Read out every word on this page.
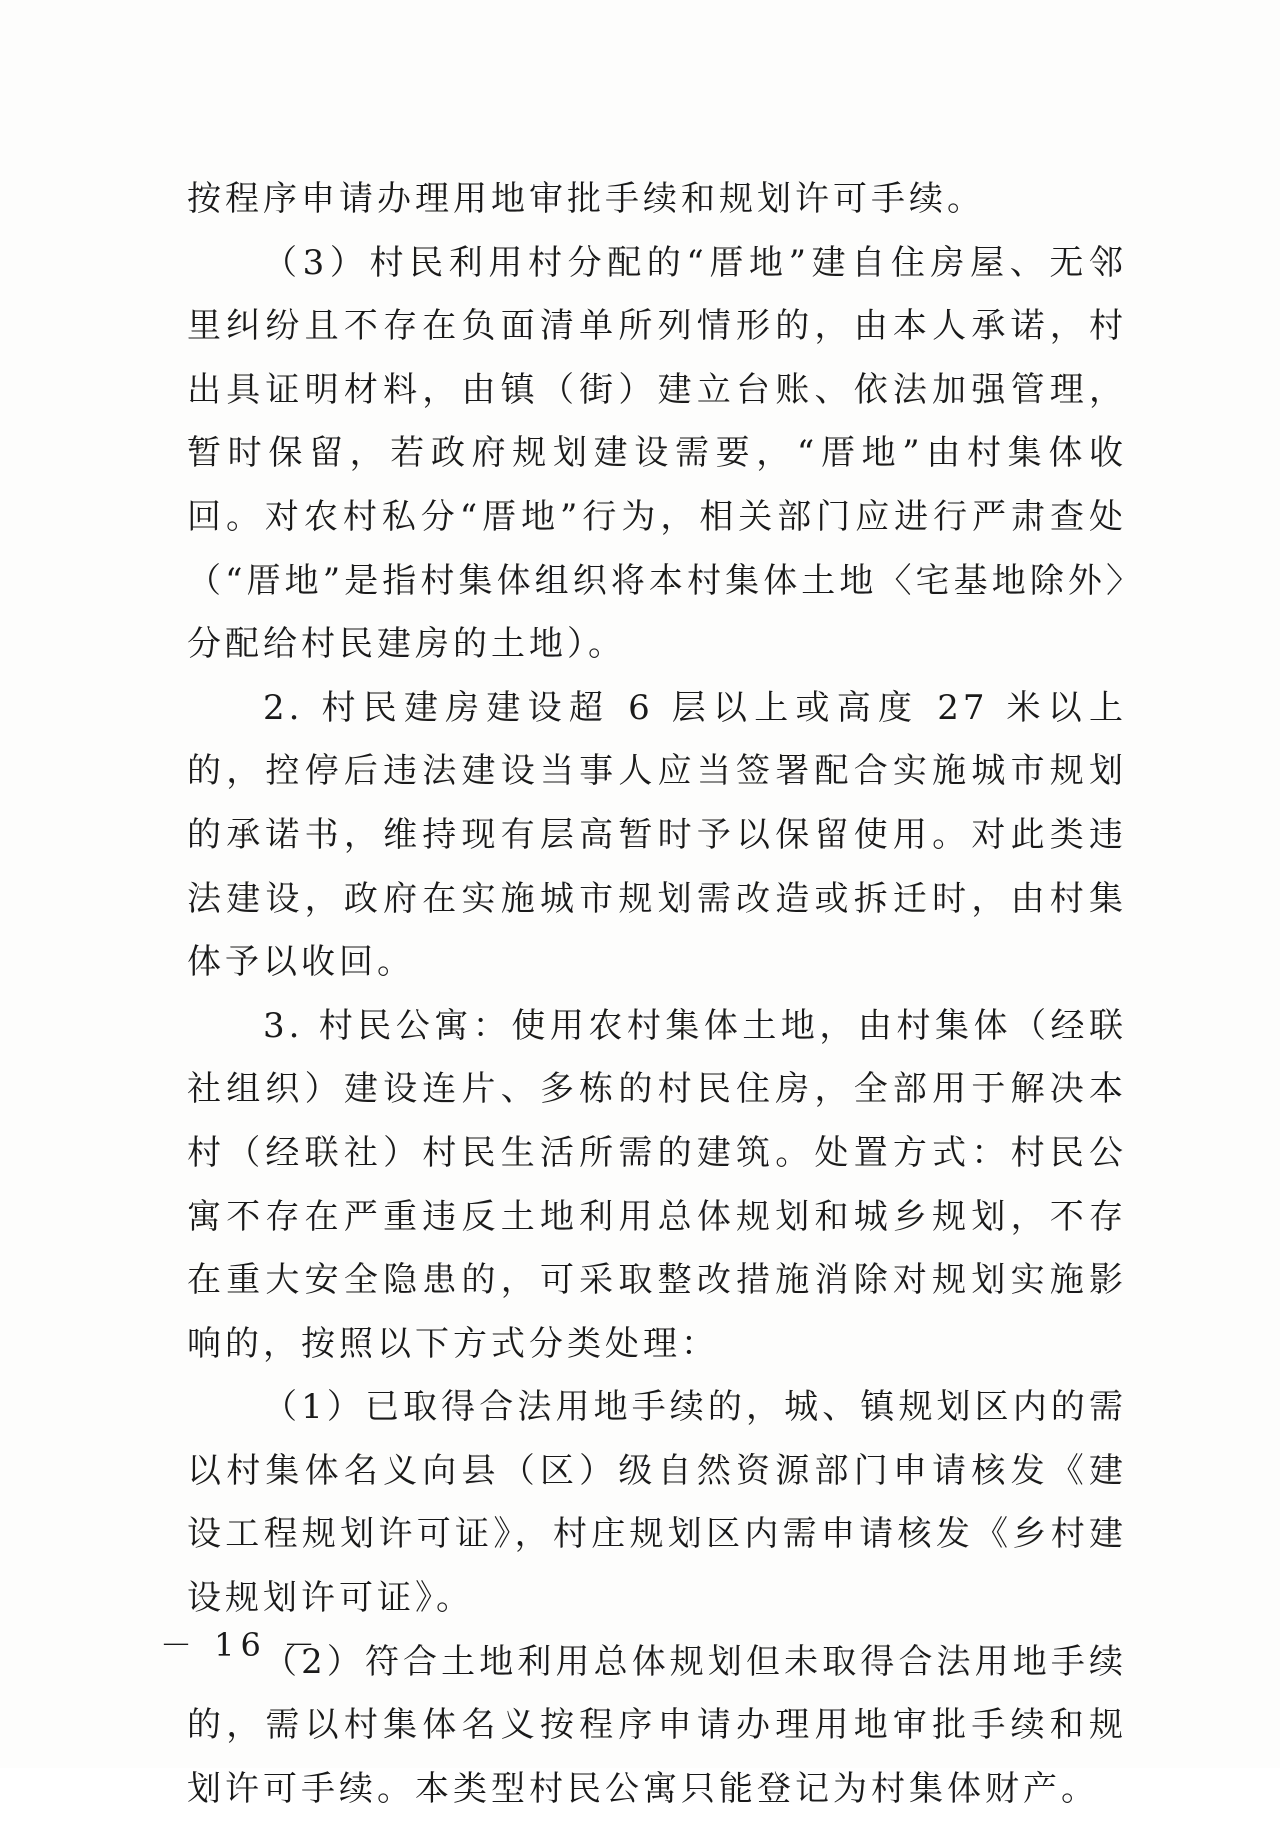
按程序申请办理用地审批手续和规划许可手续。

（3）村民利用村分配的“厝地”建自住房屋、无邻里纠纷且不存在负面清单所列情形的，由本人承诺，村出具证明材料，由镇（街）建立台账、依法加强管理，暂时保留，若政府规划建设需要，“厝地”由村集体收回。对农村私分“厝地”行为，相关部门应进行严肃查处（“厝地”是指村集体组织将本村集体土地〈宅基地除外〉分配给村民建房的土地）。

2. 村民建房建设超 6 层以上或高度 27 米以上的，控停后违法建设当事人应当签署配合实施城市规划的承诺书，维持现有层高暂时予以保留使用。对此类违法建设，政府在实施城市规划需改造或拆迁时，由村集体予以收回。

3. 村民公寓：使用农村集体土地，由村集体（经联社组织）建设连片、多栋的村民住房，全部用于解决本村（经联社）村民生活所需的建筑。处置方式：村民公寓不存在严重违反土地利用总体规划和城乡规划，不存在重大安全隐患的，可采取整改措施消除对规划实施影响的，按照以下方式分类处理：

（1）已取得合法用地手续的，城、镇规划区内的需以村集体名义向县（区）级自然资源部门申请核发《建设工程规划许可证》，村庄规划区内需申请核发《乡村建设规划许可证》。

（2）符合土地利用总体规划但未取得合法用地手续的，需以村集体名义按程序申请办理用地审批手续和规划许可手续。本类型村民公寓只能登记为村集体财产。

－ 16 －
